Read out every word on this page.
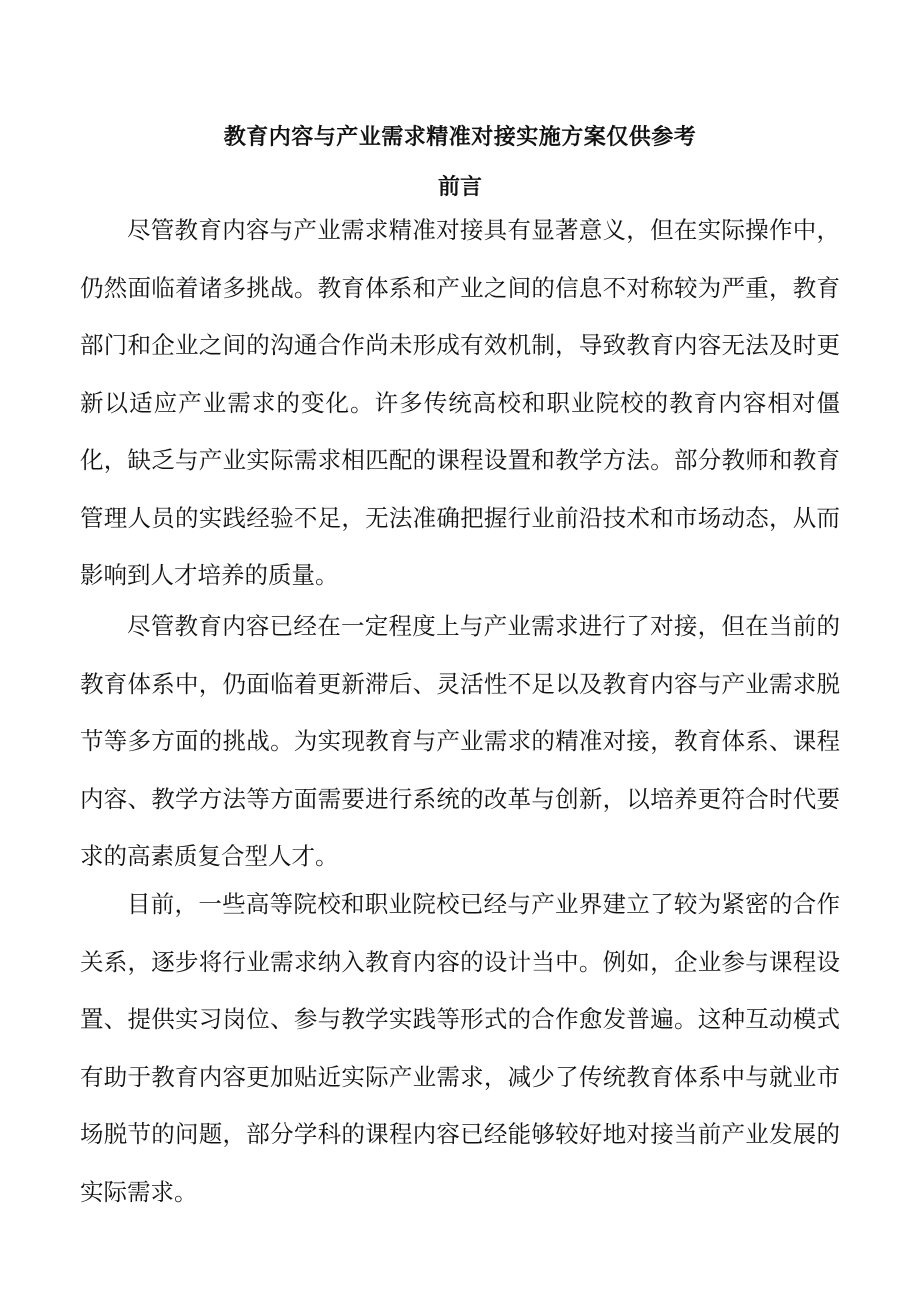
教育内容与产业需求精准对接实施方案仅供参考
前言

尽管教育内容与产业需求精准对接具有显著意义，但在实际操作中，仍然面临着诸多挑战。教育体系和产业之间的信息不对称较为严重，教育部门和企业之间的沟通合作尚未形成有效机制，导致教育内容无法及时更新以适应产业需求的变化。许多传统高校和职业院校的教育内容相对僵化，缺乏与产业实际需求相匹配的课程设置和教学方法。部分教师和教育管理人员的实践经验不足，无法准确把握行业前沿技术和市场动态，从而影响到人才培养的质量。

尽管教育内容已经在一定程度上与产业需求进行了对接，但在当前的教育体系中，仍面临着更新滞后、灵活性不足以及教育内容与产业需求脱节等多方面的挑战。为实现教育与产业需求的精准对接，教育体系、课程内容、教学方法等方面需要进行系统的改革与创新，以培养更符合时代要求的高素质复合型人才。

目前，一些高等院校和职业院校已经与产业界建立了较为紧密的合作关系，逐步将行业需求纳入教育内容的设计当中。例如，企业参与课程设置、提供实习岗位、参与教学实践等形式的合作愈发普遍。这种互动模式有助于教育内容更加贴近实际产业需求，减少了传统教育体系中与就业市场脱节的问题，部分学科的课程内容已经能够较好地对接当前产业发展的实际需求。
